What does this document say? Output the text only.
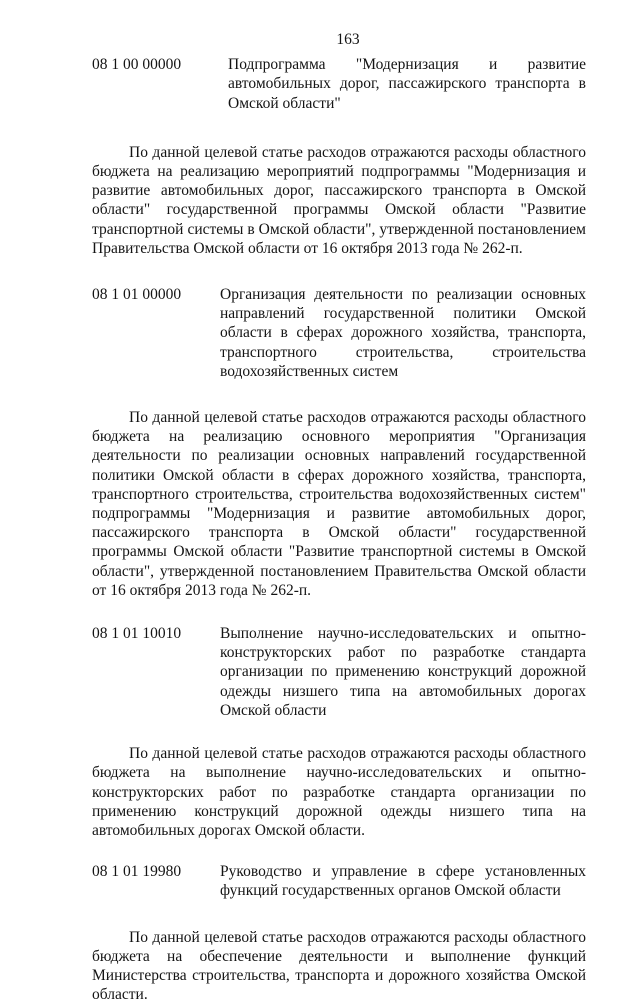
163
08 1 00 00000	Подпрограмма "Модернизация и развитие автомобильных дорог, пассажирского транспорта в Омской области"

По данной целевой статье расходов отражаются расходы областного бюджета на реализацию мероприятий подпрограммы "Модернизация и развитие автомобильных дорог, пассажирского транспорта в Омской области" государственной программы Омской области "Развитие транспортной системы в Омской области", утвержденной постановлением Правительства Омской области от 16 октября 2013 года № 262-п.

08 1 01 00000	Организация деятельности по реализации основных направлений государственной политики Омской области в сферах дорожного хозяйства, транспорта, транспортного строительства, строительства водохозяйственных систем

По данной целевой статье расходов отражаются расходы областного бюджета на реализацию основного мероприятия "Организация деятельности по реализации основных направлений государственной политики Омской области в сферах дорожного хозяйства, транспорта, транспортного строительства, строительства водохозяйственных систем" подпрограммы "Модернизация и развитие автомобильных дорог, пассажирского транспорта в Омской области" государственной программы Омской области "Развитие транспортной системы в Омской области", утвержденной постановлением Правительства Омской области от 16 октября 2013 года № 262-п.

08 1 01 10010	Выполнение научно-исследовательских и опытно-конструкторских работ по разработке стандарта организации по применению конструкций дорожной одежды низшего типа на автомобильных дорогах Омской области

По данной целевой статье расходов отражаются расходы областного бюджета на выполнение научно-исследовательских и опытно-конструкторских работ по разработке стандарта организации по применению конструкций дорожной одежды низшего типа на автомобильных дорогах Омской области.

08 1 01 19980	Руководство и управление в сфере установленных функций государственных органов Омской области

По данной целевой статье расходов отражаются расходы областного бюджета на обеспечение деятельности и выполнение функций Министерства строительства, транспорта и дорожного хозяйства Омской области.
